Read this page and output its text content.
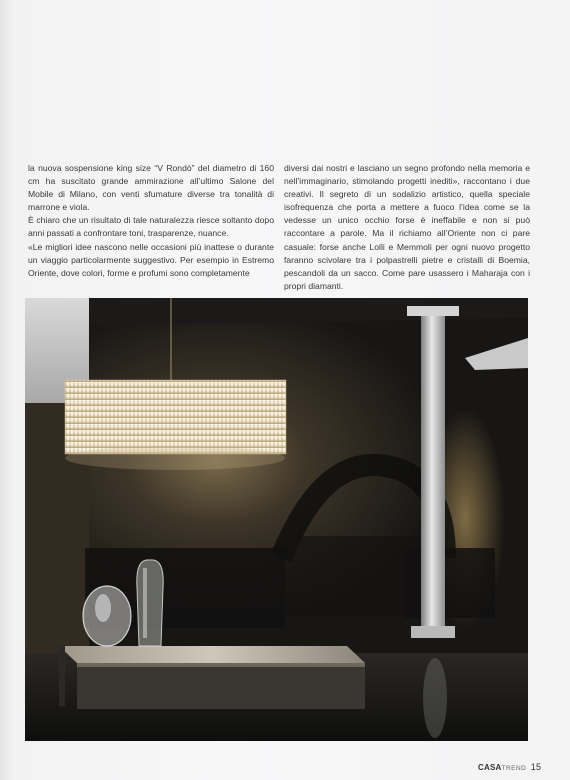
la nuova sospensione king size “V Rondò” del diametro di 160 cm ha suscitato grande ammirazione all’ultimo Salone del Mobile di Milano, con venti sfumature diverse tra tonalità di marrone e viola.

È chiaro che un risultato di tale naturalezza riesce soltanto dopo anni passati a confrontare toni, trasparenze, nuance.

«Le migliori idee nascono nelle occasioni più inattese o durante un viaggio particolarmente suggestivo. Per esempio in Estremo Oriente, dove colori, forme e profumi sono completamente

diversi dai nostri e lasciano un segno profondo nella memoria e nell’immaginario, stimolando progetti inediti», raccontano i due creativi. Il segreto di un sodalizio artistico, quella speciale isofrequenza che porta a mettere a fuoco l’idea come se la vedesse un unico occhio forse è ineffabile e non si può raccontare a parole. Ma il richiamo all’Oriente non ci pare casuale: forse anche Lolli e Memmoli per ogni nuovo progetto faranno scivolare tra i polpastrelli pietre e cristalli di Boemia, pescandoli da un sacco. Come pare usassero i Maharaja con i propri diamanti.

CASATREND 15
